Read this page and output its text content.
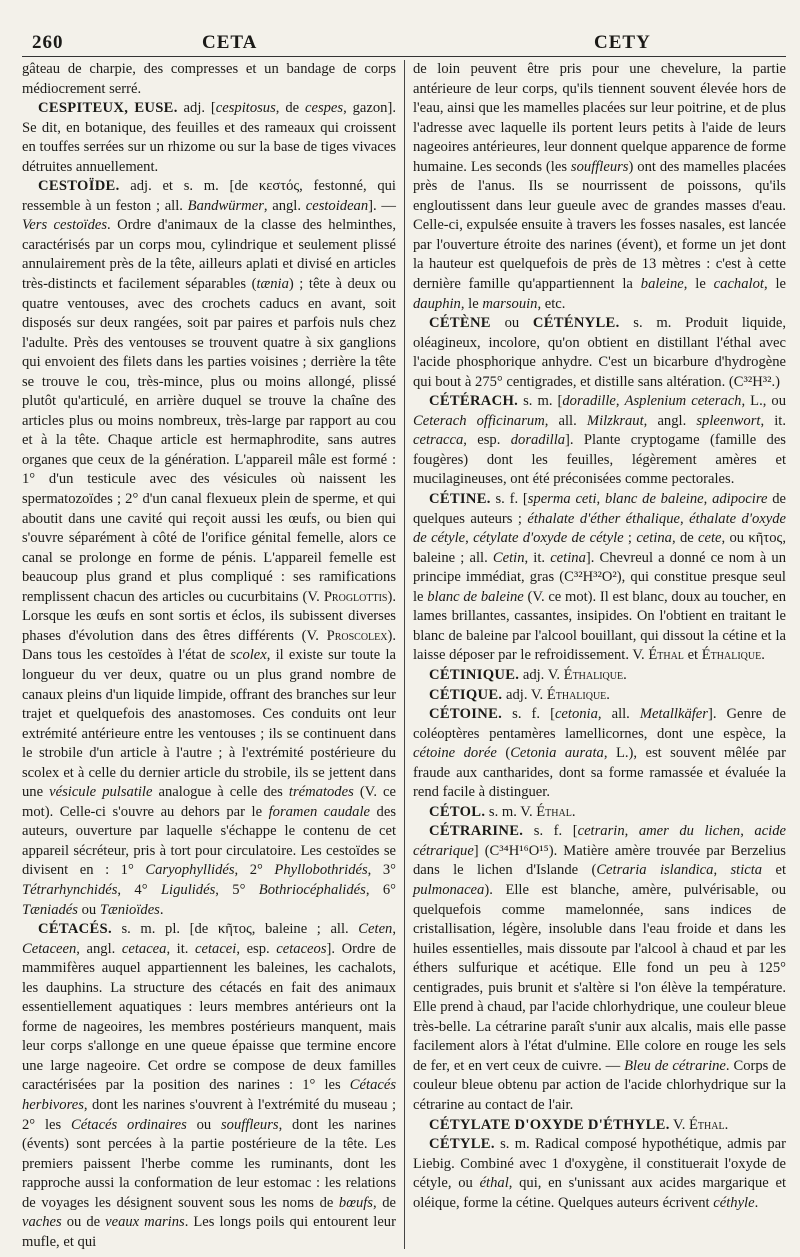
260	CETA	CETY

gâteau de charpie, des compresses et un bandage de corps médiocrement serré.

CESPITEUX, EUSE. adj. [cespitosus, de cespes, gazon]. Se dit, en botanique, des feuilles et des rameaux qui croissent en touffes serrées sur un rhizome ou sur la base de tiges vivaces détruites annuellement.

CESTOÏDE. adj. et s. m. [de κεστός, festonné, qui ressemble à un feston ; all. Bandwürmer, angl. cestoidean]. — Vers cestoïdes. Ordre d'animaux de la classe des helminthes, caractérisés par un corps mou, cylindrique et seulement plissé annulairement près de la tête, ailleurs aplati et divisé en articles très-distincts et facilement séparables (tænia) ; tête à deux ou quatre ventouses, avec des crochets caducs en avant, soit disposés sur deux rangées, soit par paires et parfois nuls chez l'adulte. Près des ventouses se trouvent quatre à six ganglions qui envoient des filets dans les parties voisines ; derrière la tête se trouve le cou, très-mince, plus ou moins allongé, plissé plutôt qu'articulé, en arrière duquel se trouve la chaîne des articles plus ou moins nombreux, très-large par rapport au cou et à la tête. Chaque article est hermaphrodite, sans autres organes que ceux de la génération. L'appareil mâle est formé : 1° d'un testicule avec des vésicules où naissent les spermatozoïdes ; 2° d'un canal flexueux plein de sperme, et qui aboutit dans une cavité qui reçoit aussi les œufs, ou bien qui s'ouvre séparément à côté de l'orifice génital femelle, alors ce canal se prolonge en forme de pénis. L'appareil femelle est beaucoup plus grand et plus compliqué : ses ramifications remplissent chacun des articles ou cucurbitains (V. Proglottis). Lorsque les œufs en sont sortis et éclos, ils subissent diverses phases d'évolution dans des êtres différents (V. Proscolex). Dans tous les cestoïdes à l'état de scolex, il existe sur toute la longueur du ver deux, quatre ou un plus grand nombre de canaux pleins d'un liquide limpide, offrant des branches sur leur trajet et quelquefois des anastomoses. Ces conduits ont leur extrémité antérieure entre les ventouses ; ils se continuent dans le strobile d'un article à l'autre ; à l'extrémité postérieure du scolex et à celle du dernier article du strobile, ils se jettent dans une vésicule pulsatile analogue à celle des trématodes (V. ce mot). Celle-ci s'ouvre au dehors par le foramen caudale des auteurs, ouverture par laquelle s'échappe le contenu de cet appareil sécréteur, pris à tort pour circulatoire. Les cestoïdes se divisent en : 1° Caryophyllidés, 2° Phyllobothridés, 3° Tétrarhynchidés, 4° Ligulidés, 5° Bothriocéphalidés, 6° Tæniadés ou Tænioïdes.

CÉTACÉS. s. m. pl. [de κῆτος, baleine ; all. Ceten, Cetaceen, angl. cetacea, it. cetacei, esp. cetaceos]. Ordre de mammifères auquel appartiennent les baleines, les cachalots, les dauphins. La structure des cétacés en fait des animaux essentiellement aquatiques : leurs membres antérieurs ont la forme de nageoires, les membres postérieurs manquent, mais leur corps s'allonge en une queue épaisse que termine encore une large nageoire. Cet ordre se compose de deux familles caractérisées par la position des narines : 1° les Cétacés herbivores, dont les narines s'ouvrent à l'extrémité du museau ; 2° les Cétacés ordinaires ou souffleurs, dont les narines (évents) sont percées à la partie postérieure de la tête. Les premiers paissent l'herbe comme les ruminants, dont les rapproche aussi la conformation de leur estomac : les relations de voyages les désignent souvent sous les noms de bœufs, de vaches ou de veaux marins. Les longs poils qui entourent leur mufle, et qui

de loin peuvent être pris pour une chevelure, la partie antérieure de leur corps, qu'ils tiennent souvent élevée hors de l'eau, ainsi que les mamelles placées sur leur poitrine, et de plus l'adresse avec laquelle ils portent leurs petits à l'aide de leurs nageoires antérieures, leur donnent quelque apparence de forme humaine. Les seconds (les souffleurs) ont des mamelles placées près de l'anus. Ils se nourrissent de poissons, qu'ils engloutissent dans leur gueule avec de grandes masses d'eau. Celle-ci, expulsée ensuite à travers les fosses nasales, est lancée par l'ouverture étroite des narines (évent), et forme un jet dont la hauteur est quelquefois de près de 13 mètres : c'est à cette dernière famille qu'appartiennent la baleine, le cachalot, le dauphin, le marsouin, etc.

CÉTÈNE ou CÉTÉNYLE. s. m. Produit liquide, oléagineux, incolore, qu'on obtient en distillant l'éthal avec l'acide phosphorique anhydre. C'est un bicarbure d'hydrogène qui bout à 275° centigrades, et distille sans altération. (C³²H³².)

CÉTÉRACH. s. m. [doradille, Asplenium ceterach, L., ou Ceterach officinarum, all. Milzkraut, angl. spleenwort, it. cetracca, esp. doradilla]. Plante cryptogame (famille des fougères) dont les feuilles, légèrement amères et mucilagineuses, ont été préconisées comme pectorales.

CÉTINE. s. f. [sperma ceti, blanc de baleine, adipocire de quelques auteurs ; éthalate d'éther éthalique, éthalate d'oxyde de cétyle, cétylate d'oxyde de cétyle ; cetina, de cete, ou κῆτος, baleine ; all. Cetin, it. cetina]. Chevreul a donné ce nom à un principe immédiat, gras (C³²H³²O²), qui constitue presque seul le blanc de baleine (V. ce mot). Il est blanc, doux au toucher, en lames brillantes, cassantes, insipides. On l'obtient en traitant le blanc de baleine par l'alcool bouillant, qui dissout la cétine et la laisse déposer par le refroidissement. V. Éthal et Éthalique.

CÉTINIQUE. adj. V. Éthalique.

CÉTIQUE. adj. V. Éthalique.

CÉTOINE. s. f. [cetonia, all. Metallkäfer]. Genre de coléoptères pentamères lamellicornes, dont une espèce, la cétoine dorée (Cetonia aurata, L.), est souvent mêlée par fraude aux cantharides, dont sa forme ramassée et évaluée la rend facile à distinguer.

CÉTOL. s. m. V. Éthal.

CÉTRARINE. s. f. [cetrarin, amer du lichen, acide cétrarique] (C³⁴H¹⁶O¹⁵). Matière amère trouvée par Berzelius dans le lichen d'Islande (Cetraria islandica, sticta et pulmonacea). Elle est blanche, amère, pulvérisable, ou quelquefois comme mamelonnée, sans indices de cristallisation, légère, insoluble dans l'eau froide et dans les huiles essentielles, mais dissoute par l'alcool à chaud et par les éthers sulfurique et acétique. Elle fond un peu à 125° centigrades, puis brunit et s'altère si l'on élève la température. Elle prend à chaud, par l'acide chlorhydrique, une couleur bleue très-belle. La cétrarine paraît s'unir aux alcalis, mais elle passe facilement alors à l'état d'ulmine. Elle colore en rouge les sels de fer, et en vert ceux de cuivre. — Bleu de cétrarine. Corps de couleur bleue obtenu par action de l'acide chlorhydrique sur la cétrarine au contact de l'air.

CÉTYLATE D'OXYDE D'ÉTHYLE. V. Éthal.

CÉTYLE. s. m. Radical composé hypothétique, admis par Liebig. Combiné avec 1 d'oxygène, il constituerait l'oxyde de cétyle, ou éthal, qui, en s'unissant aux acides margarique et oléique, forme la cétine. Quelques auteurs écrivent céthyle.
